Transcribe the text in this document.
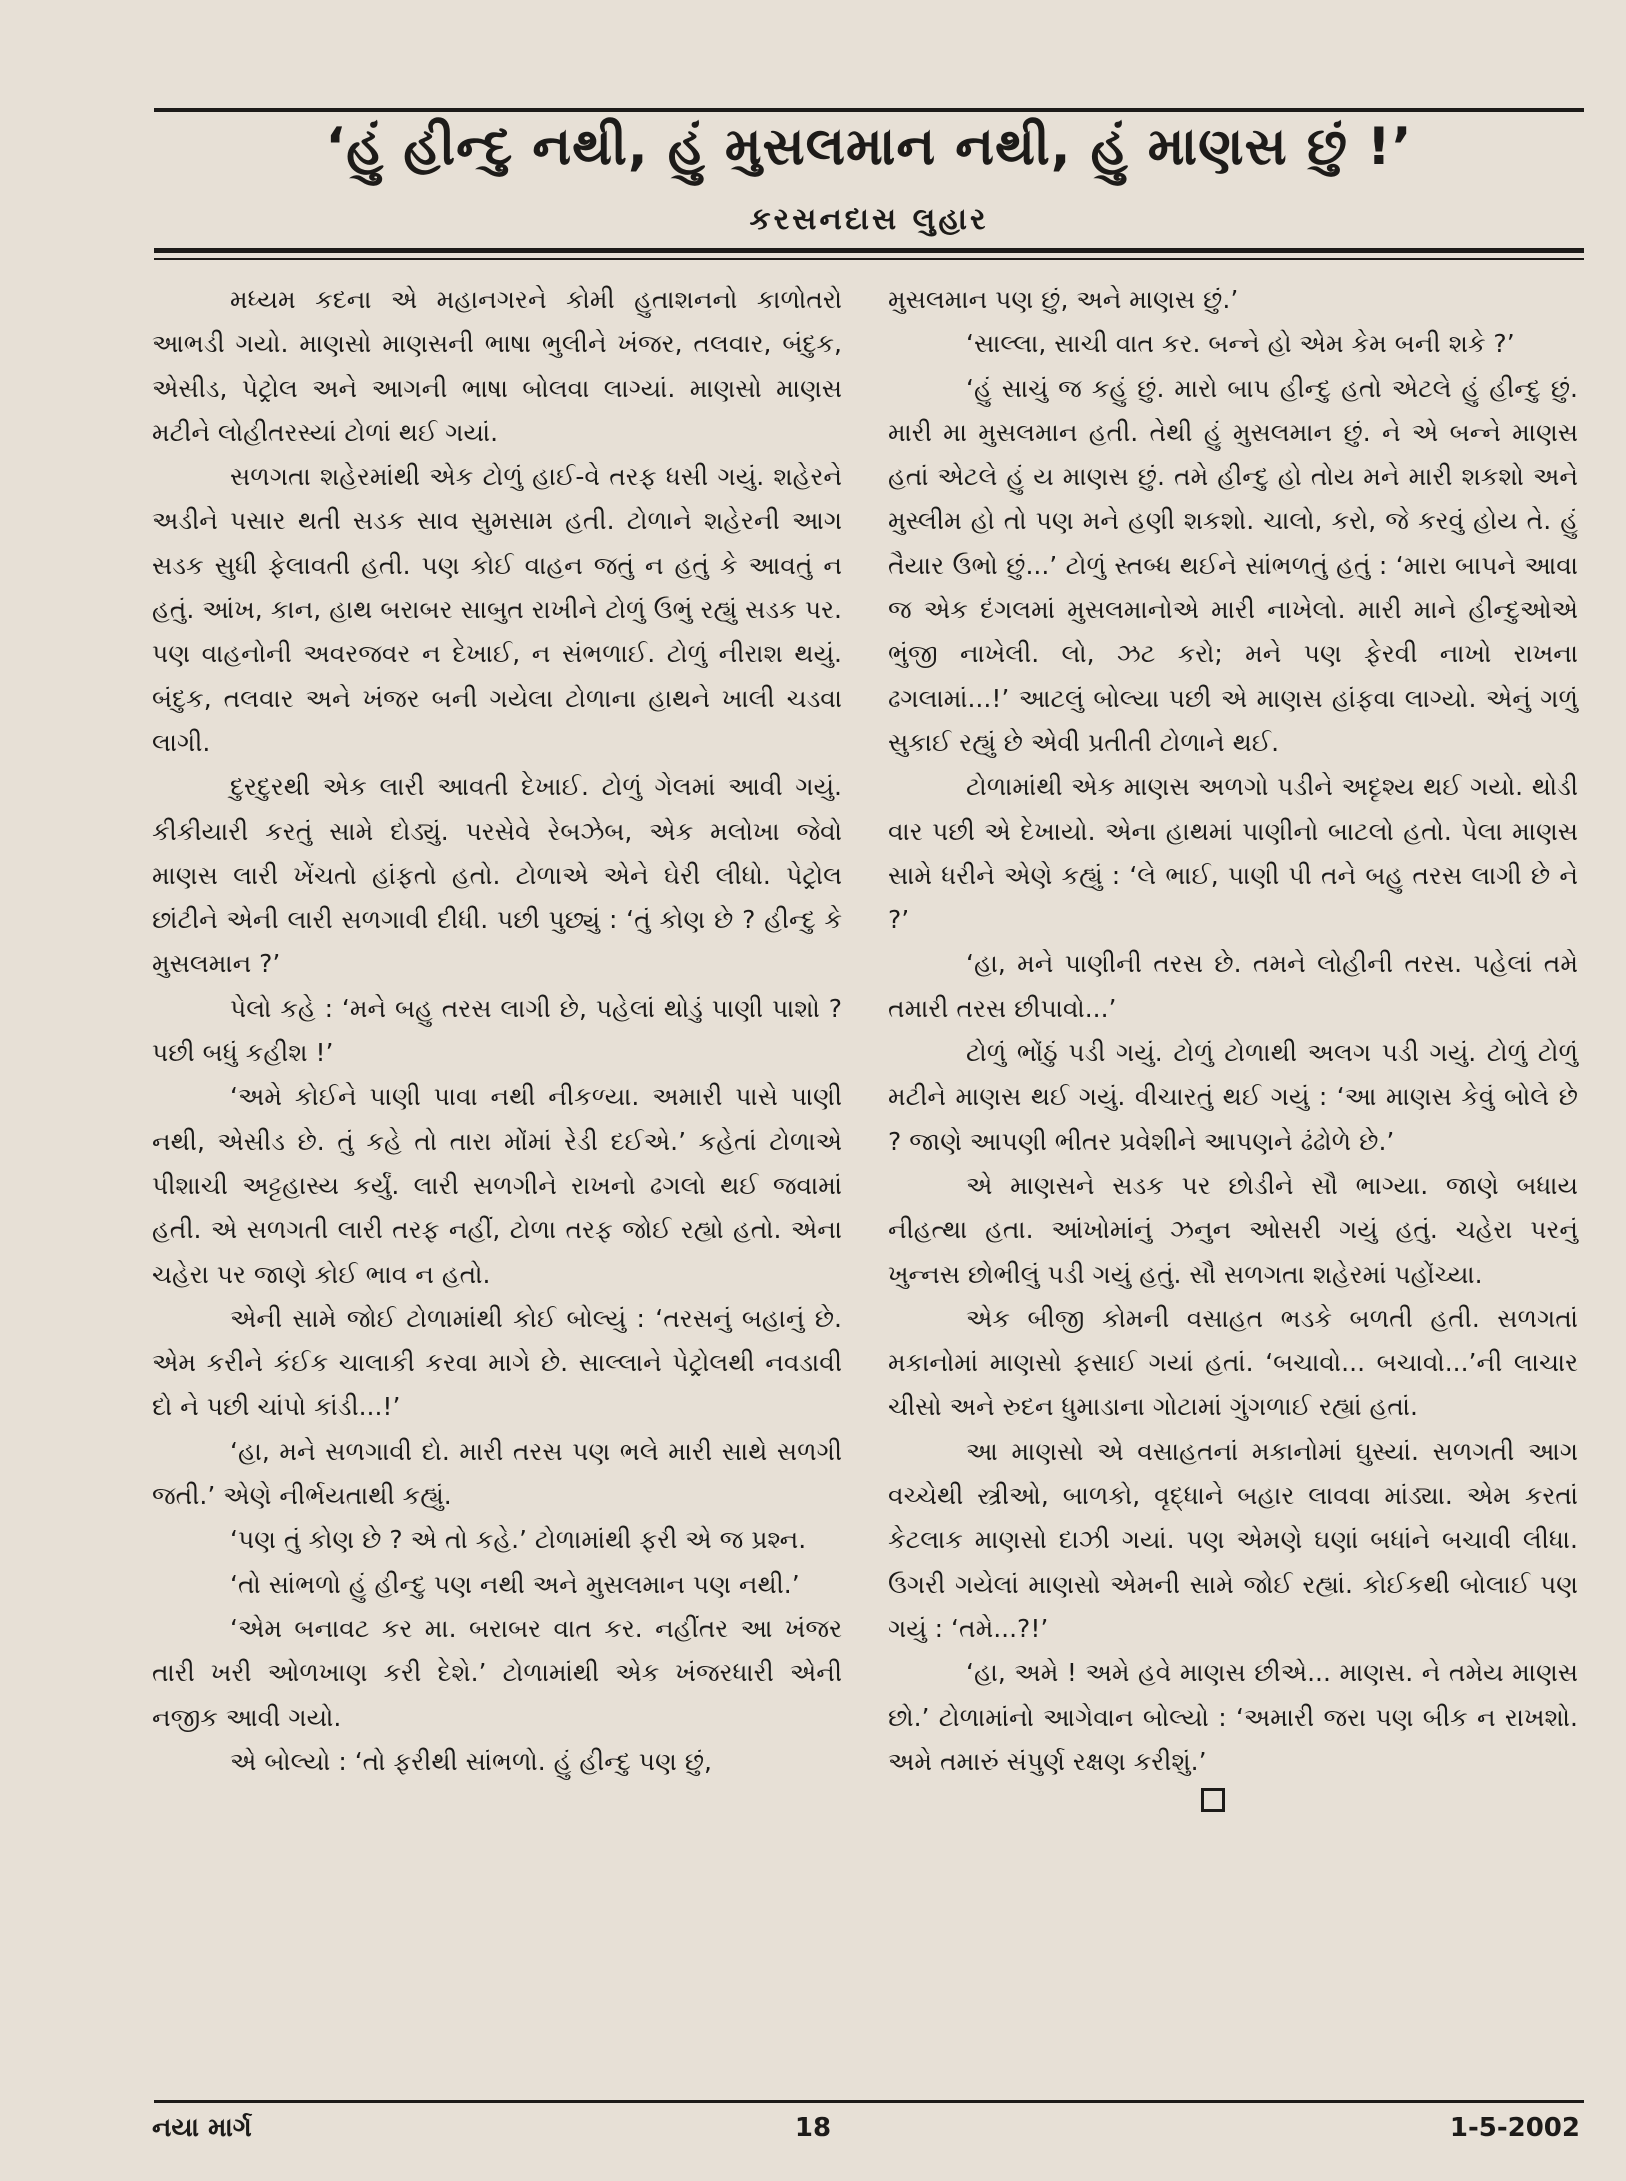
‘હું હીન્દુ નથી, હું મુસલમાન નથી, હું માણસ છું !’
કરસનદાસ લુહાર

મધ્યમ કદના એ મહાનગરને કોમી હુતાશનનો કાળોતરો આભડી ગયો. માણસો માણસની ભાષા ભુલીને ખંજર, તલવાર, બંદુક, એસીડ, પેટ્રોલ અને આગની ભાષા બોલવા લાગ્યાં. માણસો માણસ મટીને લોહીતરસ્યાં ટોળાં થઈ ગયાં.

સળગતા શહેરમાંથી એક ટોળું હાઈ-વે તરફ ધસી ગયું. શહેરને અડીને પસાર થતી સડક સાવ સુમસામ હતી. ટોળાને શહેરની આગ સડક સુધી ફેલાવતી હતી. પણ કોઈ વાહન જતું ન હતું કે આવતું ન હતું. આંખ, કાન, હાથ બરાબર સાબુત રાખીને ટોળું ઉભું રહ્યું સડક પર. પણ વાહનોની અવરજવર ન દેખાઈ, ન સંભળાઈ. ટોળું નીરાશ થયું. બંદુક, તલવાર અને ખંજર બની ગયેલા ટોળાના હાથને ખાલી ચડવા લાગી.

દુરદુરથી એક લારી આવતી દેખાઈ. ટોળું ગેલમાં આવી ગયું. કીકીયારી કરતું સામે દોડ્યું. પરસેવે રેબઝેબ, એક મલોખા જેવો માણસ લારી ખેંચતો હાંફતો હતો. ટોળાએ એને ઘેરી લીધો. પેટ્રોલ છાંટીને એની લારી સળગાવી દીધી. પછી પુછ્યું : ‘તું કોણ છે ? હીન્દુ કે મુસલમાન ?’

પેલો કહે : ‘મને બહુ તરસ લાગી છે, પહેલાં થોડું પાણી પાશો ? પછી બધું કહીશ !’

‘અમે કોઈને પાણી પાવા નથી નીકળ્યા. અમારી પાસે પાણી નથી, એસીડ છે. તું કહે તો તારા મોંમાં રેડી દઈએ.’ કહેતાં ટોળાએ પીશાચી અટ્ટહાસ્ય કર્યું. લારી સળગીને રાખનો ઢગલો થઈ જવામાં હતી. એ સળગતી લારી તરફ નહીં, ટોળા તરફ જોઈ રહ્યો હતો. એના ચહેરા પર જાણે કોઈ ભાવ ન હતો.

એની સામે જોઈ ટોળામાંથી કોઈ બોલ્યું : ‘તરસનું બહાનું છે. એમ કરીને કંઈક ચાલાકી કરવા માગે છે. સાલ્લાને પેટ્રોલથી નવડાવી દો ને પછી ચાંપો કાંડી...!’

‘હા, મને સળગાવી દો. મારી તરસ પણ ભલે મારી સાથે સળગી જતી.’ એણે નીર્ભયતાથી કહ્યું.

‘પણ તું કોણ છે ? એ તો કહે.’ ટોળામાંથી ફરી એ જ પ્રશ્ન.

‘તો સાંભળો હું હીન્દુ પણ નથી અને મુસલમાન પણ નથી.’

‘એમ બનાવટ કર મા. બરાબર વાત કર. નહીંતર આ ખંજર તારી ખરી ઓળખાણ કરી દેશે.’ ટોળામાંથી એક ખંજરધારી એની નજીક આવી ગયો.

એ બોલ્યો : ‘તો ફરીથી સાંભળો. હું હીન્દુ પણ છું,

મુસલમાન પણ છું, અને માણસ છું.’

‘સાલ્લા, સાચી વાત કર. બન્ને હો એમ કેમ બની શકે ?’

‘હું સાચું જ કહું છું. મારો બાપ હીન્દુ હતો એટલે હું હીન્દુ છું. મારી મા મુસલમાન હતી. તેથી હું મુસલમાન છું. ને એ બન્ને માણસ હતાં એટલે હું ય માણસ છું. તમે હીન્દુ હો તોય મને મારી શકશો અને મુસ્લીમ હો તો પણ મને હણી શકશો. ચાલો, કરો, જે કરવું હોય તે. હું તૈયાર ઉભો છું...’ ટોળું સ્તબ્ધ થઈને સાંભળતું હતું : ‘મારા બાપને આવા જ એક દંગલમાં મુસલમાનોએ મારી નાખેલો. મારી માને હીન્દુઓએ ભુંજી નાખેલી. લો, ઝટ કરો; મને પણ ફેરવી નાખો રાખના ઢગલામાં...!’ આટલું બોલ્યા પછી એ માણસ હાંફવા લાગ્યો. એનું ગળું સુકાઈ રહ્યું છે એવી પ્રતીતી ટોળાને થઈ.

ટોળામાંથી એક માણસ અળગો પડીને અદૃશ્ય થઈ ગયો. થોડી વાર પછી એ દેખાયો. એના હાથમાં પાણીનો બાટલો હતો. પેલા માણસ સામે ધરીને એણે કહ્યું : ‘લે ભાઈ, પાણી પી તને બહુ તરસ લાગી છે ને ?’

‘હા, મને પાણીની તરસ છે. તમને લોહીની તરસ. પહેલાં તમે તમારી તરસ છીપાવો...’

ટોળું ભોંઠું પડી ગયું. ટોળું ટોળાથી અલગ પડી ગયું. ટોળું ટોળું મટીને માણસ થઈ ગયું. વીચારતું થઈ ગયું : ‘આ માણસ કેવું બોલે છે ? જાણે આપણી ભીતર પ્રવેશીને આપણને ઢંઢોળે છે.’

એ માણસને સડક પર છોડીને સૌ ભાગ્યા. જાણે બધાય નીહત્થા હતા. આંખોમાંનું ઝનુન ઓસરી ગયું હતું. ચહેરા પરનું ખુન્નસ છોભીલું પડી ગયું હતું. સૌ સળગતા શહેરમાં પહોંચ્યા.

એક બીજી કોમની વસાહત ભડકે બળતી હતી. સળગતાં મકાનોમાં માણસો ફસાઈ ગયાં હતાં. ‘બચાવો... બચાવો...’ની લાચાર ચીસો અને રુદન ધુમાડાના ગોટામાં ગુંગળાઈ રહ્યાં હતાં.

આ માણસો એ વસાહતનાં મકાનોમાં ઘુસ્યાં. સળગતી આગ વચ્ચેથી સ્ત્રીઓ, બાળકો, વૃદ્ધાને બહાર લાવવા માંડ્યા. એમ કરતાં કેટલાક માણસો દાઝી ગયાં. પણ એમણે ઘણાં બધાંને બચાવી લીધા. ઉગરી ગયેલાં માણસો એમની સામે જોઈ રહ્યાં. કોઈકથી બોલાઈ પણ ગયું : ‘તમે...?!’

‘હા, અમે ! અમે હવે માણસ છીએ... માણસ. ને તમેય માણસ છો.’ ટોળામાંનો આગેવાન બોલ્યો : ‘અમારી જરા પણ બીક ન રાખશો. અમે તમારું સંપુર્ણ રક્ષણ કરીશું.’

નયા માર્ગ	18	1-5-2002
